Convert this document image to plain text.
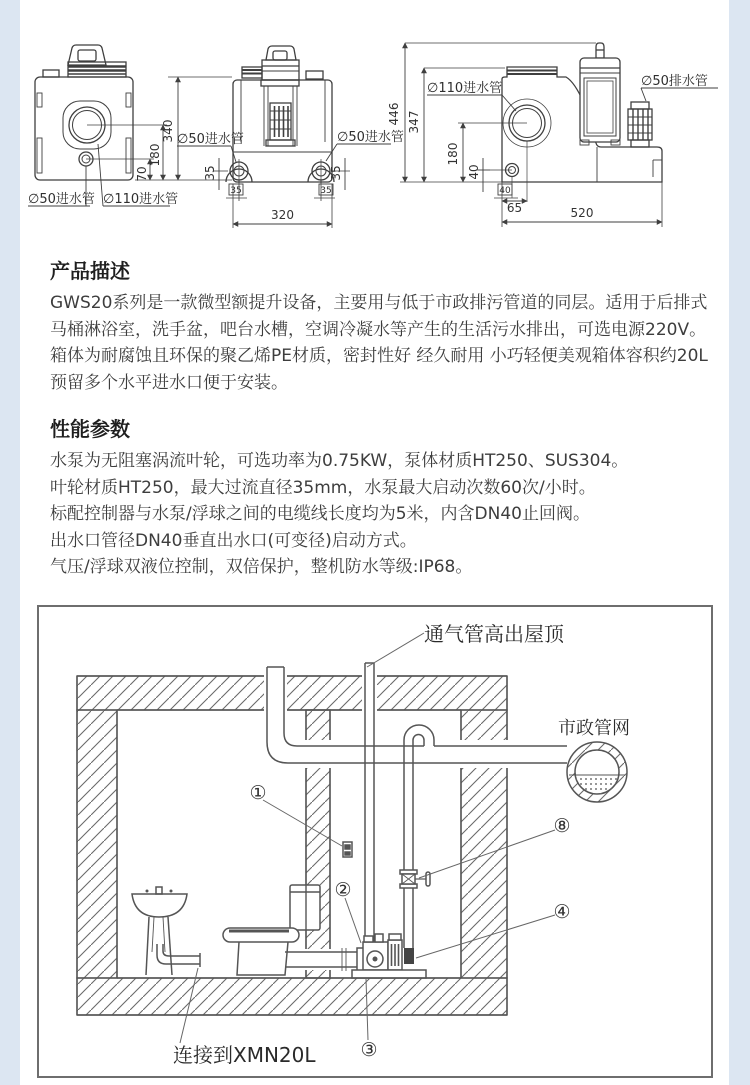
70
180
340
∅50进水管 ∅110进水管
35	35
35	35
320
∅50进水管	∅50进水管
446 347
180
40
40
65	520
∅110进水管	∅50排水管
产品描述
GWS20系列是一款微型额提升设备，主要用与低于市政排污管道的同层。适用于后排式
马桶淋浴室，洗手盆，吧台水槽，空调冷凝水等产生的生活污水排出，可选电源220V。
箱体为耐腐蚀且环保的聚乙烯PE材质，密封性好 经久耐用 小巧轻便美观箱体容积约20L
预留多个水平进水口便于安装。
性能参数
水泵为无阻塞涡流叶轮，可选功率为0.75KW，泵体材质HT250、SUS304。
叶轮材质HT250，最大过流直径35mm，水泵最大启动次数60次/小时。
标配控制器与水泵/浮球之间的电缆线长度均为5米，内含DN40止回阀。
出水口管径DN40垂直出水口(可变径)启动方式。
气压/浮球双液位控制，双倍保护，整机防水等级:IP68。
通气管高出屋顶
市政管网
连接到XMN20L
①
②
③
④
⑧
